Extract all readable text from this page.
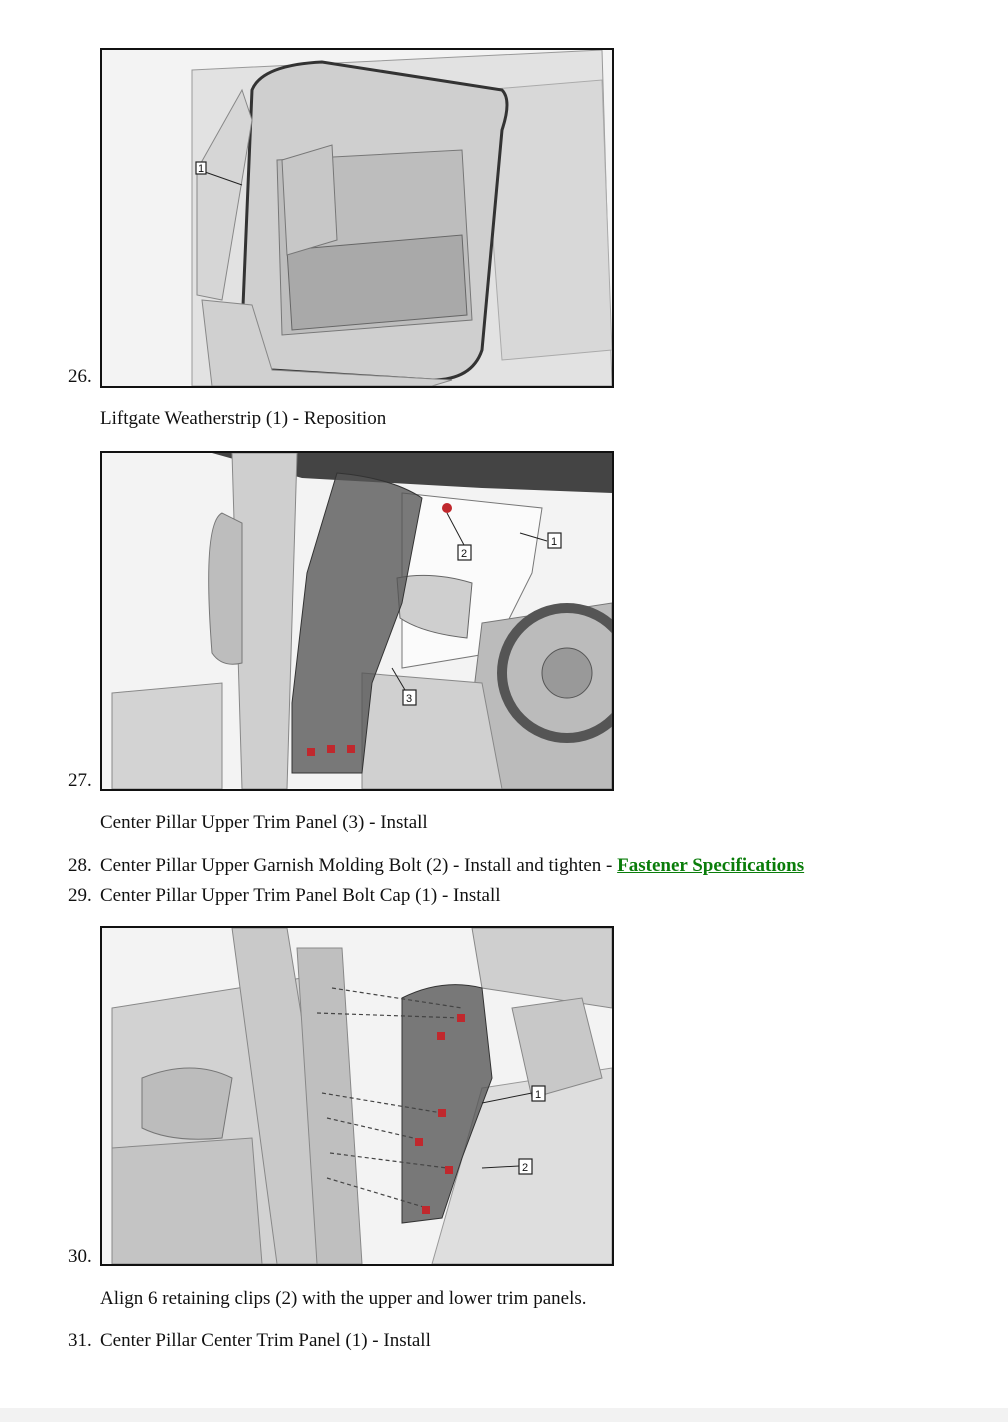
1
26.
Liftgate Weatherstrip (1) - Reposition
1
2
3
27.
Center Pillar Upper Trim Panel (3) - Install
28. Center Pillar Upper Garnish Molding Bolt (2) - Install and tighten - Fastener Specifications
29. Center Pillar Upper Trim Panel Bolt Cap (1) - Install
1
2
30.
Align 6 retaining clips (2) with the upper and lower trim panels.
31. Center Pillar Center Trim Panel (1) - Install
